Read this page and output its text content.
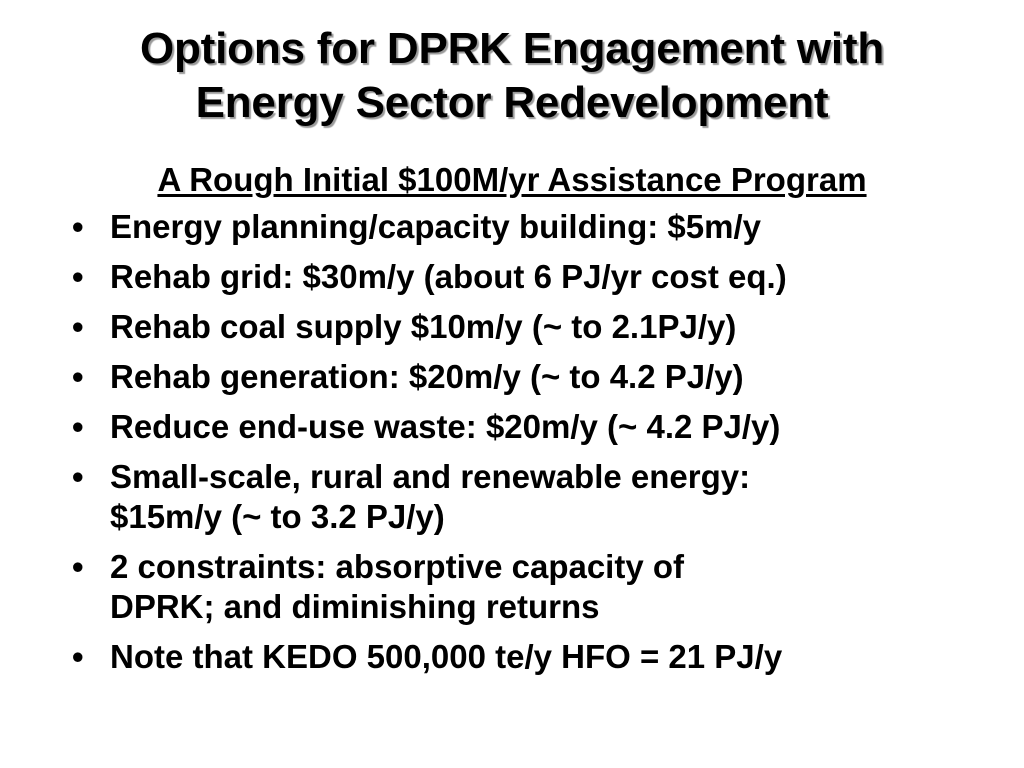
Options for DPRK Engagement with
Energy Sector Redevelopment
A Rough Initial $100M/yr Assistance Program
• Energy planning/capacity building: $5m/y
• Rehab grid: $30m/y (about 6 PJ/yr cost eq.)
• Rehab coal supply $10m/y (~ to 2.1PJ/y)
• Rehab generation: $20m/y (~ to 4.2 PJ/y)
• Reduce end-use waste: $20m/y (~ 4.2 PJ/y)
• Small-scale, rural and renewable energy:
$15m/y (~ to 3.2 PJ/y)
• 2 constraints: absorptive capacity of
DPRK; and diminishing returns
• Note that KEDO 500,000 te/y HFO = 21 PJ/y
